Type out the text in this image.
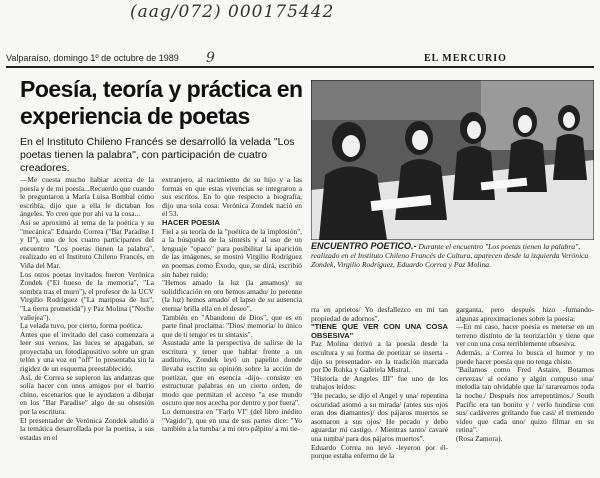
(aag/072) 000175442
Valparaíso, domingo 1º de octubre de 1989 9	EL MERCURIO
Poesía, teoría y práctica en experiencia de poetas
En el Instituto Chileno Francés se desarrolló la velada "Los poetas tienen la palabra", con participación de cuatro creadores.

—Me cuesta mucho habiar acerca de la poesía y de mi poesía...Recuerdo que cuando le preguntaron a María Luisa Bombal cómo escribía, dijo que a ella le dictaban los ángeles. Yo creo que por ahí va la cosa...

Así se aproximó al tema de la poética y su "mecánica" Eduardo Correa ("Bar Paradise I y II"), uno de los cuatro participantes del encuentro "Los poetas tienen la palabra", realizado en el Instituto Chileno Francés, en Viña del Mar.

Los otros poetas invitados fueron Verónica Zondek ("El hueso de la memoria", "La sombra tras el muro"), el profesor de la UCV Virgilio Rodríguez ("La mariposa de luz", "La tierra prometida") y Paz Molina ("Noche vallejea").

La velada tuvo, por cierto, forma poética.

Antes que el invitado del caso comenzara a leer sus versos, las luces se apagaban, se proyectaba un fotodiapositivo sobre un gran telón y una voz en "off" lo presentaba sin la rigidez de un esquema preestablecido.

Así, de Correa se supieron las andanzas que solía hacer con unos amigos por el barrio chino, escenarios que le ayudaron a dibujar en los "Bar Paradise" algo de su obsesión por la escritura.

El presentador de Verónica Zondek aludió a la temática desarrollada por la poetisa, a sus estadas en el

extranjero, al nacimiento de su hijo y a las formas en que estas vivencias se integraron a sus escritos. En lo que respecto a biografía, dijo una sola cosa: Verónica Zondek nació en el 53.

HACER POESIA

Fiel a su teoría de la "poética de la implosión", a la búsqueda de la síntesis y al uso de un lenguaje "opaco" para posibilitar la aparición de las imágenes, se mostró Virgilio Rodríguez en poemas como Éxodo, que, se dirá, escribió sin haber ruido:

"Hemos amado la luz (la amamos)/ su solidificación en oro hemos amado/ lo perenne (la luz) hemos amado/ el lapso de su ausencia eterna/ brilla ella en el deseo".

También en "Abandono de Dios", que es en parte final proclama: "Dios/ memoria/ lo único que de ti tengo/ es tu sintaxis".

Asustada ante la perspectiva de salirse de la escritura y tener que hablar frente a un auditorio, Zondek leyó un papelito donde llevaba escrito su opinión sobre la acción de poetizar, que en esencia -dijo- consiste en estructurar palabras en un cierto orden, de modo que permitan el acceso "a ese mundo oscuro que nos acecha por dentro y por fuera".

Lo demuestra en "Farlo VI" (del libro inédito "Vagido"), que en una de sus partes dice: "Yo también a la tumba/ a mi otro pálpito/ a mi tie-

ENCUENTRO POETICO.- Durante el encuentro "Los poetas tienen la palabra", realizado en el Instituto Chileno Francés de Cultura, aparecen desde la izquierda Verónica Zondek, Virgilio Rodríguez, Eduardo Correa y Paz Molina.

rra en aprietos/ Yo desfallezco en mi tan propiedad de adornos".

"TIENE QUE VER CON UNA COSA OBSESIVA"

Paz Molina derivó a la poesía desde la escultura y su forma de poetizar se inserta -dijo su presentador- en la tradición marcada por De Rohka y Gabriela Mistral.

"Historia de Angeles III" fue uno de los trabajos leídos:

"He pecado, se dijo el Angel y una/ repentina oscuridad asomó a su mirada/ (antes sus ojos eran dos diamantes)/ dos pájaros muertos se asomaron a sus ojos/ He pecado y debo aguardar mi castigo. / Mientras tanto/ cavaré una tumba/ para dos pájaros muertos".

Eduardo Correa no leyó -leyeron por él- porque estaba enfermo de la

garganta, pero después hizo -fumando- algunas aproximaciones sobre la poesía:

—En mi caso, hacer poesía es meterse en un terreno distinto de la teorización y tiene que ver con una cosa terriblemente obsesiva.

Además, a Correa lo busca el humor y no puede hacer poesía que no tenga chiste.

"Bailamos como Fred Astaire, Botamos cervezas/ al océano y algún compuso una/ melodía tan olvidable que la/ tararearnos toda la noche./ Después nos arrepentimos./ South Pacific era tan bonito y / verlo hundirse con sus/ cadáveres grrítando fue casi/ el tremendo video que cada uno/ quizo filmar en su retina".

(Rosa Zamora).
